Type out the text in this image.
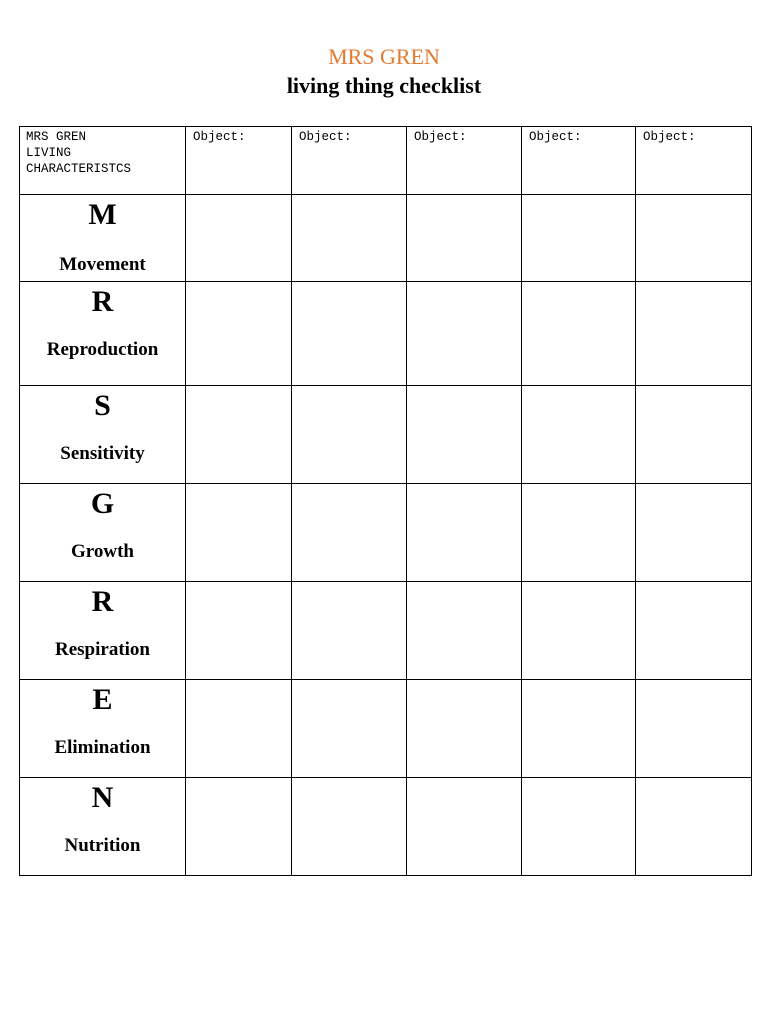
MRS GREN
living thing checklist
MRS GREN
LIVING
CHARACTERISTCS	Object:	Object:	Object:	Object:	Object:

M
Movement					

R
Reproduction					

S
Sensitivity					

G
Growth					

R
Respiration					

E
Elimination					

N
Nutrition					
